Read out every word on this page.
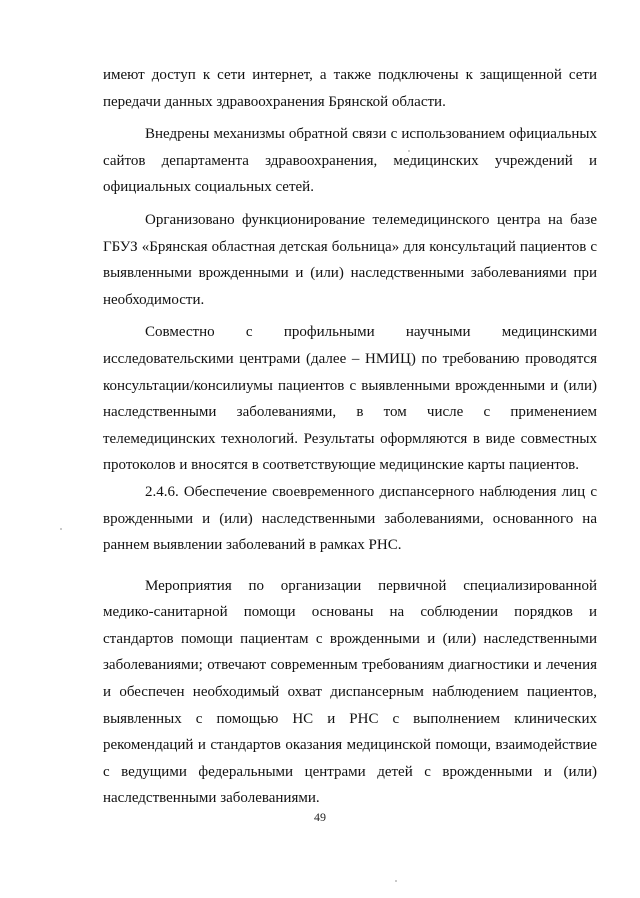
имеют доступ к сети интернет, а также подключены к защищенной сети передачи данных здравоохранения Брянской области.

Внедрены механизмы обратной связи с использованием официальных сайтов департамента здравоохранения, медицинских учреждений и официальных социальных сетей.

Организовано функционирование телемедицинского центра на базе ГБУЗ «Брянская областная детская больница» для консультаций пациентов с выявленными врожденными и (или) наследственными заболеваниями при необходимости.

Совместно с профильными научными медицинскими исследовательскими центрами (далее – НМИЦ) по требованию проводятся консультации/консилиумы пациентов с выявленными врожденными и (или) наследственными заболеваниями, в том числе с применением телемедицинских технологий. Результаты оформляются в виде совместных протоколов и вносятся в соответствующие медицинские карты пациентов.

2.4.6. Обеспечение своевременного диспансерного наблюдения лиц с врожденными и (или) наследственными заболеваниями, основанного на раннем выявлении заболеваний в рамках РНС.

Мероприятия по организации первичной специализированной медико-санитарной помощи основаны на соблюдении порядков и стандартов помощи пациентам с врожденными и (или) наследственными заболеваниями; отвечают современным требованиям диагностики и лечения и обеспечен необходимый охват диспансерным наблюдением пациентов, выявленных с помощью НС и РНС с выполнением клинических рекомендаций и стандартов оказания медицинской помощи, взаимодействие с ведущими федеральными центрами детей с врожденными и (или) наследственными заболеваниями.

49
